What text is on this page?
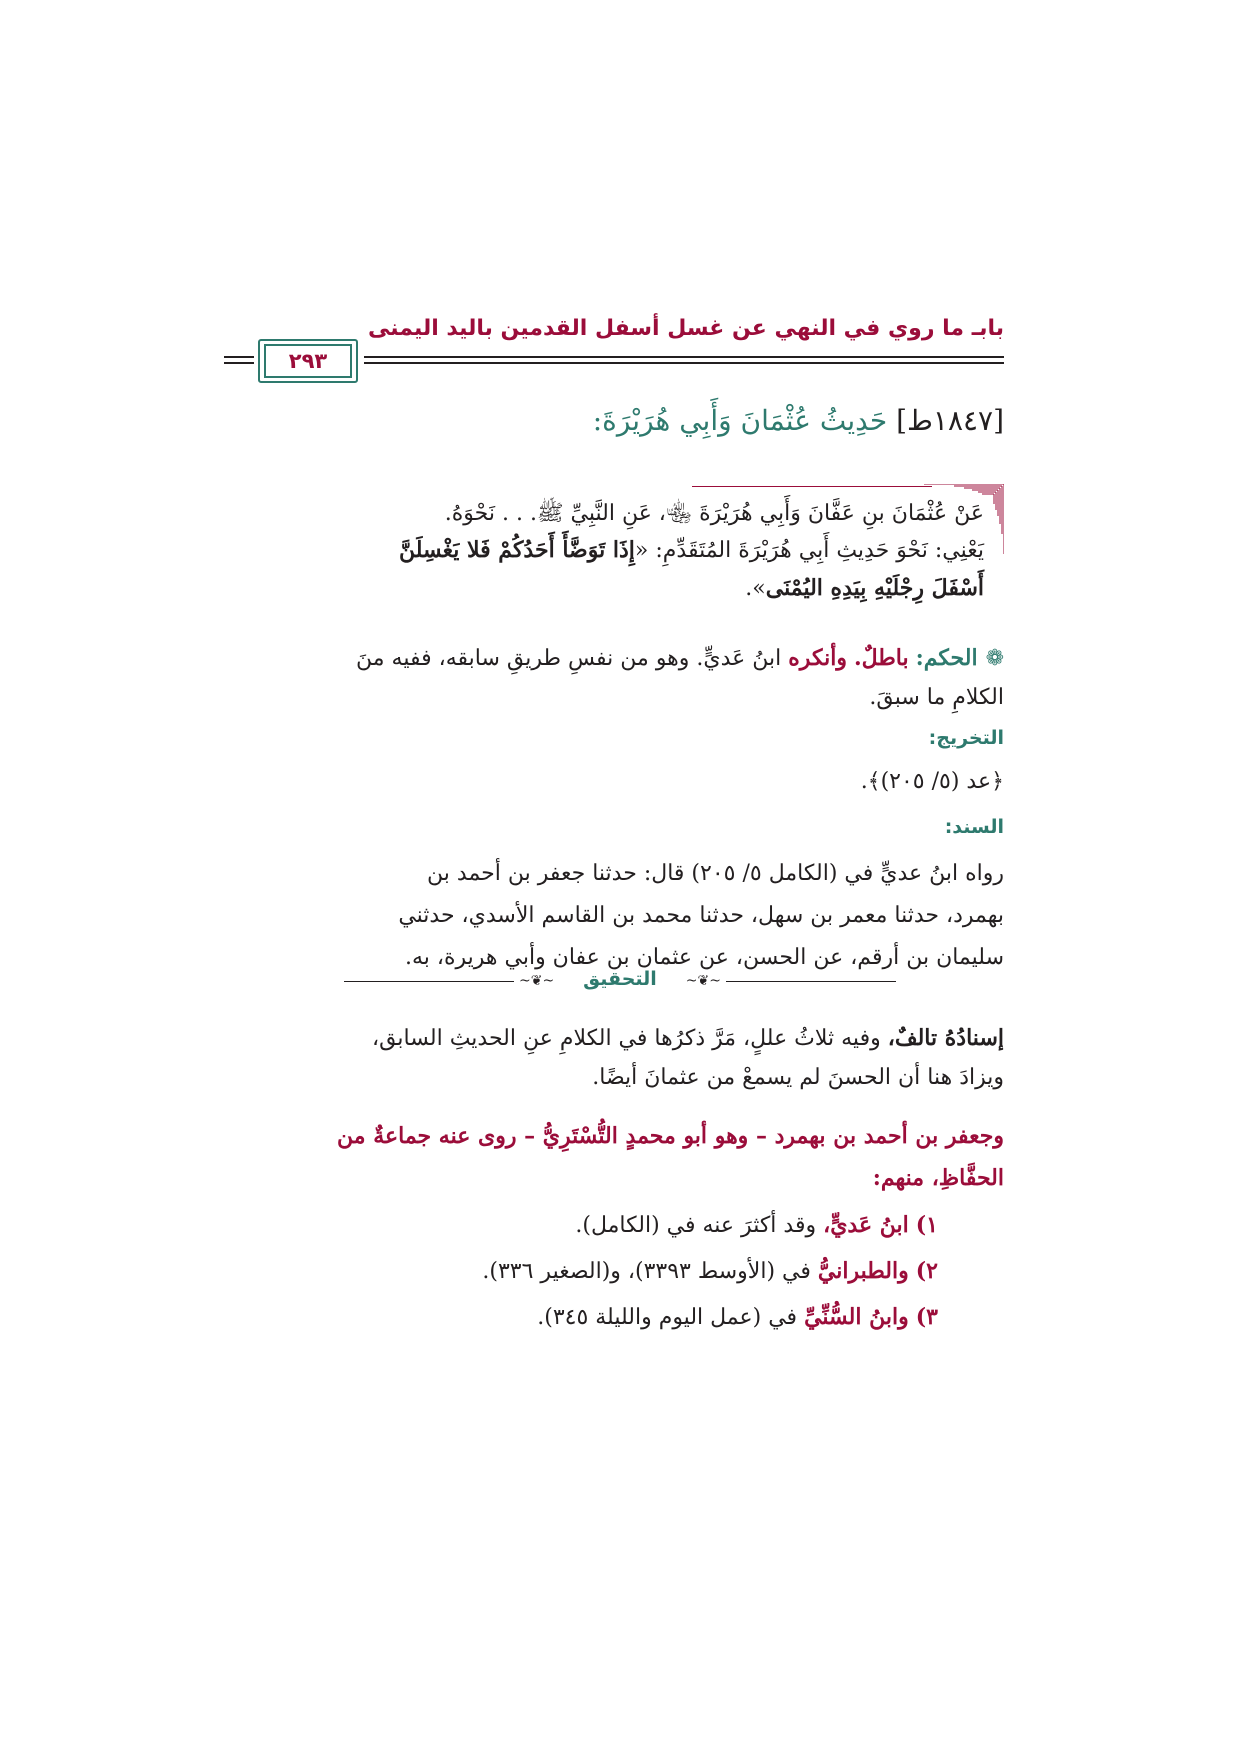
بابـ ما روي في النهي عن غسل أسفل القدمين باليد اليمنى
٢٩٣
[١٨٤٧ط] حَدِيثُ عُثْمَانَ وَأَبِي هُرَيْرَةَ:
عَنْ عُثْمَانَ بنِ عَفَّانَ وَأَبِي هُرَيْرَةَ ﵄، عَنِ النَّبِيِّ ﷺ. . . نَحْوَهُ.
يَعْنِي: نَحْوَ حَدِيثِ أَبِي هُرَيْرَةَ المُتَقَدِّمِ: «إِذَا تَوَضَّأَ أَحَدُكُمْ فَلا يَغْسِلَنَّ
أَسْفَلَ رِجْلَيْهِ بِيَدِهِ اليُمْنَى».
❁الحكم: باطلٌ. وأنكره ابنُ عَديٍّ. وهو من نفسِ طريقِ سابقه، ففيه منَ
الكلامِ ما سبقَ.
التخريج:
﴿عد (٥/ ٢٠٥)﴾.
السند:
رواه ابنُ عديٍّ في (الكامل ٥/ ٢٠٥) قال: حدثنا جعفر بن أحمد بن
بهمرد، حدثنا معمر بن سهل، حدثنا محمد بن القاسم الأسدي، حدثني
سليمان بن أرقم، عن الحسن، عن عثمان بن عفان وأبي هريرة، به.
~❦~	~❦~
التحقيق
إسنادُهُ تالفٌ، وفيه ثلاثُ عللٍ، مَرَّ ذكرُها في الكلامِ عنِ الحديثِ السابق،
ويزادَ هنا أن الحسنَ لم يسمعْ من عثمانَ أيضًا.
وجعفر بن أحمد بن بهمرد – وهو أبو محمدٍ التُّسْتَرِيُّ – روى عنه جماعةٌ من
الحفَّاظِ، منهم:
١) ابنُ عَديٍّ، وقد أكثرَ عنه في (الكامل).
٢) والطبرانيُّ في (الأوسط ٣٣٩٣)، و(الصغير ٣٣٦).
٣) وابنُ السُّنِّيِّ في (عمل اليوم والليلة ٣٤٥).
